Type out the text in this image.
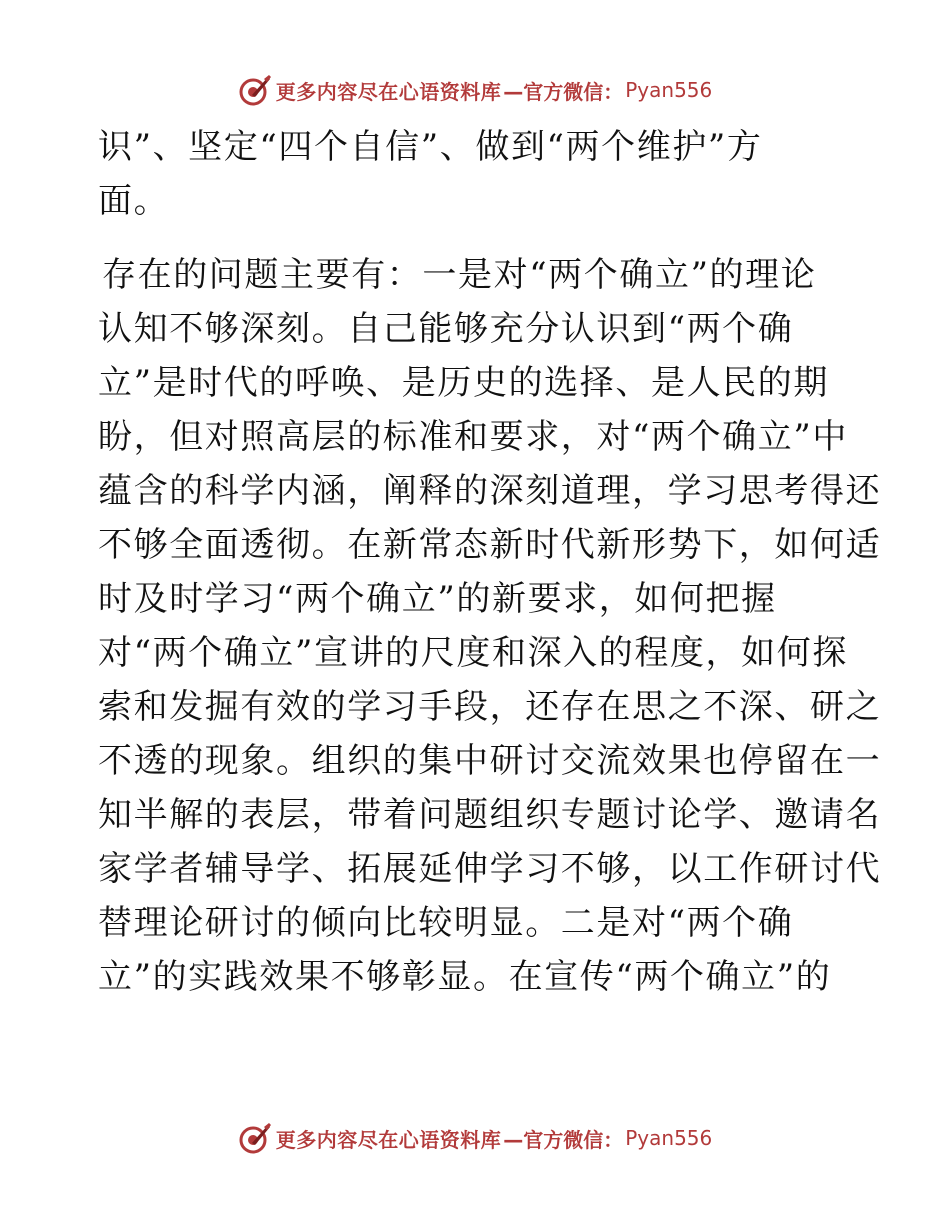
更多内容尽在心语资料库 —官方微信： Pyan556
识”、坚定“四个自信”、做到“两个维护”方
面。
存在的问题主要有：一是对“两个确立”的理论
认知不够深刻。自己能够充分认识到“两个确
立”是时代的呼唤、是历史的选择、是人民的期
盼，但对照高层的标准和要求，对“两个确立”中
蕴含的科学内涵，阐释的深刻道理，学习思考得还
不够全面透彻。在新常态新时代新形势下，如何适
时及时学习“两个确立”的新要求，如何把握
对“两个确立”宣讲的尺度和深入的程度，如何探
索和发掘有效的学习手段，还存在思之不深、研之
不透的现象。组织的集中研讨交流效果也停留在一
知半解的表层，带着问题组织专题讨论学、邀请名
家学者辅导学、拓展延伸学习不够，以工作研讨代
替理论研讨的倾向比较明显。二是对“两个确
立”的实践效果不够彰显。在宣传“两个确立”的
更多内容尽在心语资料库 —官方微信： Pyan556
